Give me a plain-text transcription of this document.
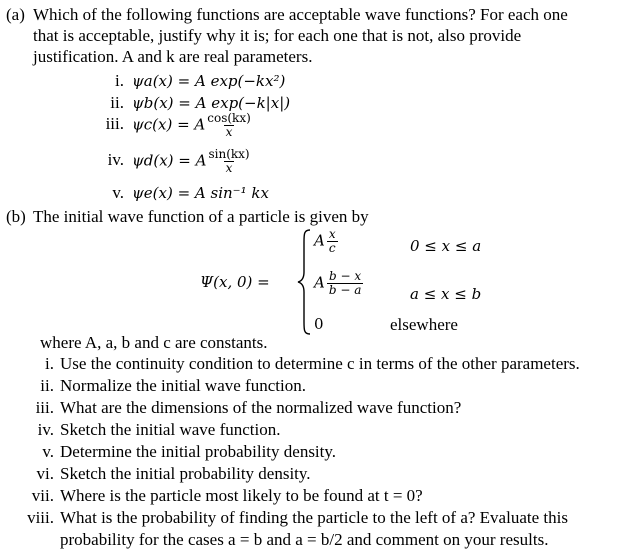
(a) Which of the following functions are acceptable wave functions? For each one
that is acceptable, justify why it is; for each one that is not, also provide
justification. A and k are real parameters.
i. ψa(x) = A exp(−kx²)
ii. ψb(x) = A exp(−k|x|)
iii. ψc(x) = A $\frac{\cos(kx)}{x}$
iv. ψd(x) = A $\frac{\sin(kx)}{x}$
v. ψe(x) = A sin⁻¹ kx
(b) The initial wave function of a particle is given by
Ψ(x, 0) =
A $\frac{x}{c}$	0 ≤ x ≤ a
A $\frac{b - x}{b - a}$	a ≤ x ≤ b
0	elsewhere
where A, a, b and c are constants.
i. Use the continuity condition to determine c in terms of the other parameters.
ii. Normalize the initial wave function.
iii. What are the dimensions of the normalized wave function?
iv. Sketch the initial wave function.
v. Determine the initial probability density.
vi. Sketch the initial probability density.
vii. Where is the particle most likely to be found at t = 0?
viii. What is the probability of finding the particle to the left of a? Evaluate this
probability for the cases a = b and a = b/2 and comment on your results.
